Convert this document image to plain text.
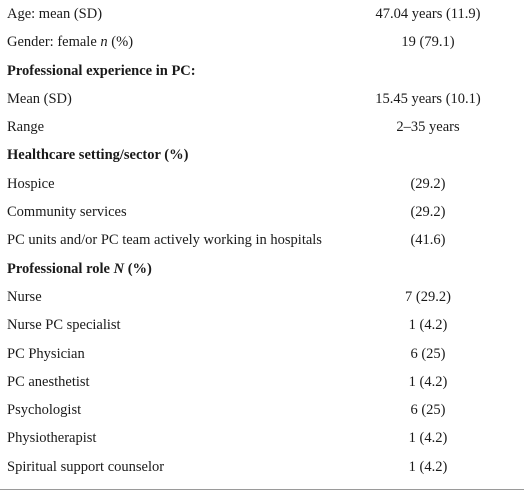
Age: mean (SD)	47.04 years (11.9)
Gender: female n (%)	19 (79.1)
Professional experience in PC:
Mean (SD)	15.45 years (10.1)
Range	2–35 years
Healthcare setting/sector (%)
Hospice	(29.2)
Community services	(29.2)
PC units and/or PC team actively working in hospitals	(41.6)
Professional role N (%)
Nurse	7 (29.2)
Nurse PC specialist	1 (4.2)
PC Physician	6 (25)
PC anesthetist	1 (4.2)
Psychologist	6 (25)
Physiotherapist	1 (4.2)
Spiritual support counselor	1 (4.2)
